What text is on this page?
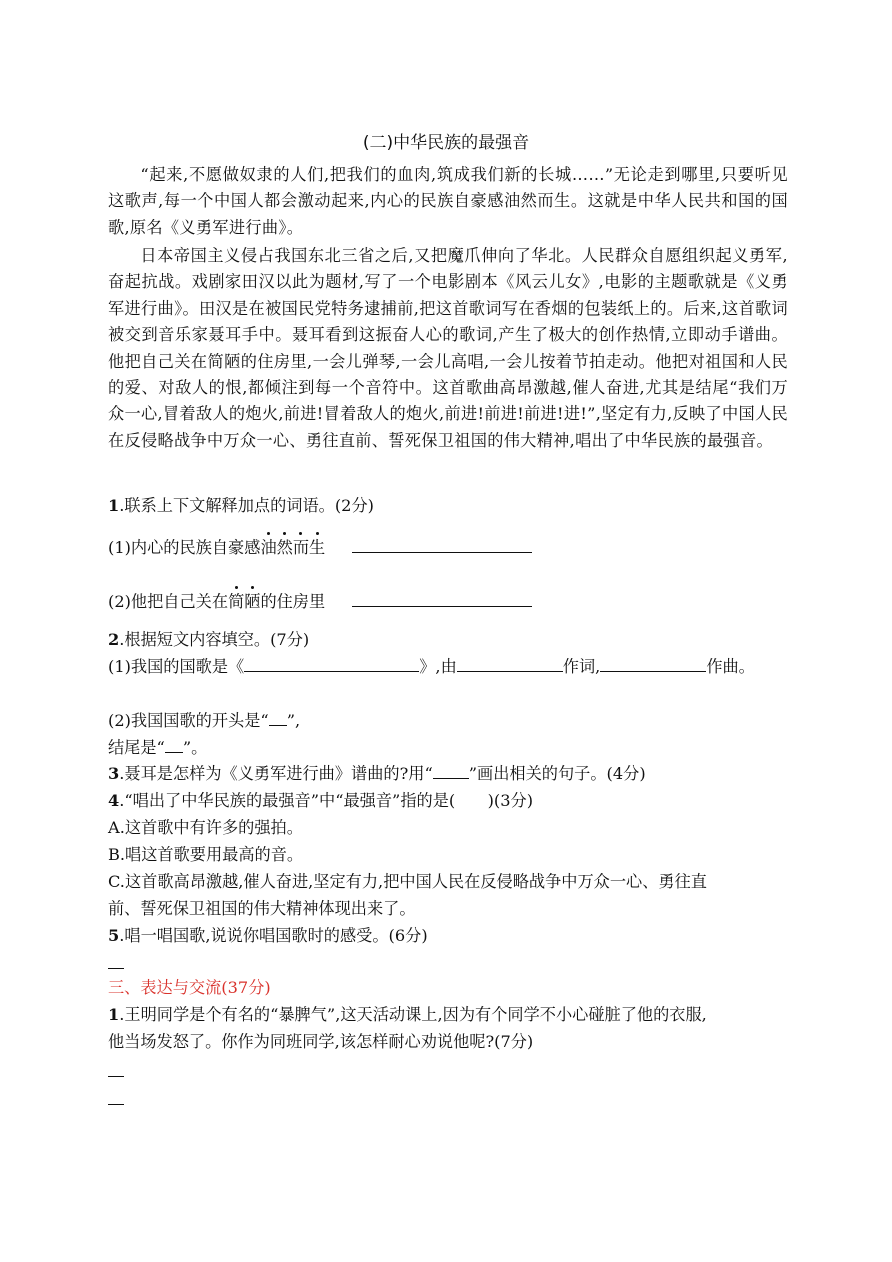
(二)中华民族的最强音

“起来,不愿做奴隶的人们,把我们的血肉,筑成我们新的长城……”无论走到哪里,只要听见这歌声,每一个中国人都会激动起来,内心的民族自豪感油然而生。这就是中华人民共和国的国歌,原名《义勇军进行曲》。

日本帝国主义侵占我国东北三省之后,又把魔爪伸向了华北。人民群众自愿组织起义勇军,奋起抗战。戏剧家田汉以此为题材,写了一个电影剧本《风云儿女》,电影的主题歌就是《义勇军进行曲》。田汉是在被国民党特务逮捕前,把这首歌词写在香烟的包装纸上的。后来,这首歌词被交到音乐家聂耳手中。聂耳看到这振奋人心的歌词,产生了极大的创作热情,立即动手谱曲。他把自己关在简陋的住房里,一会儿弹琴,一会儿高唱,一会儿按着节拍走动。他把对祖国和人民的爱、对敌人的恨,都倾注到每一个音符中。这首歌曲高昂激越,催人奋进,尤其是结尾“我们万众一心,冒着敌人的炮火,前进!冒着敌人的炮火,前进!前进!前进!进!”,坚定有力,反映了中国人民在反侵略战争中万众一心、勇往直前、誓死保卫祖国的伟大精神,唱出了中华民族的最强音。

1.联系上下文解释加点的词语。(2分)
(1)内心的民族自豪感油然而生
(2)他把自己关在简陋的住房里
2.根据短文内容填空。(7分)
(1)我国的国歌是《	》,由	作词,	作曲。
(2)我国国歌的开头是“ ”,
结尾是“ ”。
3.聂耳是怎样为《义勇军进行曲》谱曲的?用“ ”画出相关的句子。(4分)
4.“唱出了中华民族的最强音”中“最强音”指的是(　　)(3分)
A.这首歌中有许多的强拍。
B.唱这首歌要用最高的音。
C.这首歌高昂激越,催人奋进,坚定有力,把中国人民在反侵略战争中万众一心、勇往直
前、誓死保卫祖国的伟大精神体现出来了。
5.唱一唱国歌,说说你唱国歌时的感受。(6分)
三、表达与交流(37分)
1.王明同学是个有名的“暴脾气”,这天活动课上,因为有个同学不小心碰脏了他的衣服,
他当场发怒了。你作为同班同学,该怎样耐心劝说他呢?(7分)
